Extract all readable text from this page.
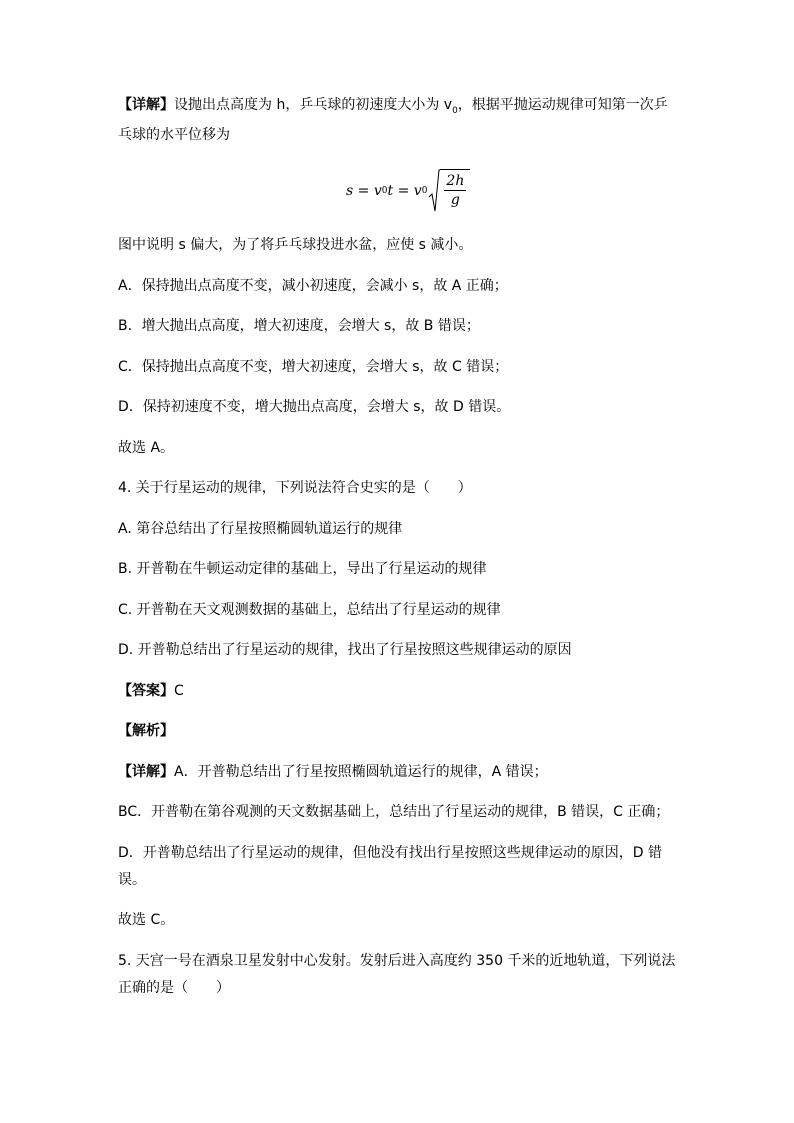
【详解】设抛出点高度为 h，乒乓球的初速度大小为 $v_0$，根据平抛运动规律可知第一次乒
乓球的水平位移为
s = v 0 t = v $0 \frac{2h}{g}$
图中说明 s 偏大，为了将乒乓球投进水盆，应使 s 减小。
A．保持抛出点高度不变，减小初速度，会减小 s，故 A 正确；
B．增大抛出点高度，增大初速度，会增大 s，故 B 错误；
C．保持抛出点高度不变，增大初速度，会增大 s，故 C 错误；
D．保持初速度不变，增大抛出点高度，会增大 s，故 D 错误。
故选 A。
4. 关于行星运动的规律，下列说法符合史实的是（　　）
A. 第谷总结出了行星按照椭圆轨道运行的规律
B. 开普勒在牛顿运动定律的基础上，导出了行星运动的规律
C. 开普勒在天文观测数据的基础上，总结出了行星运动的规律
D. 开普勒总结出了行星运动的规律，找出了行星按照这些规律运动的原因
【答案】C
【解析】
【详解】A．开普勒总结出了行星按照椭圆轨道运行的规律，A 错误；
BC．开普勒在第谷观测的天文数据基础上，总结出了行星运动的规律，B 错误，C 正确；
D．开普勒总结出了行星运动的规律，但他没有找出行星按照这些规律运动的原因，D 错
误。
故选 C。
5. 天宫一号在酒泉卫星发射中心发射。发射后进入高度约 350 千米的近地轨道，下列说法
正确的是（　　）
